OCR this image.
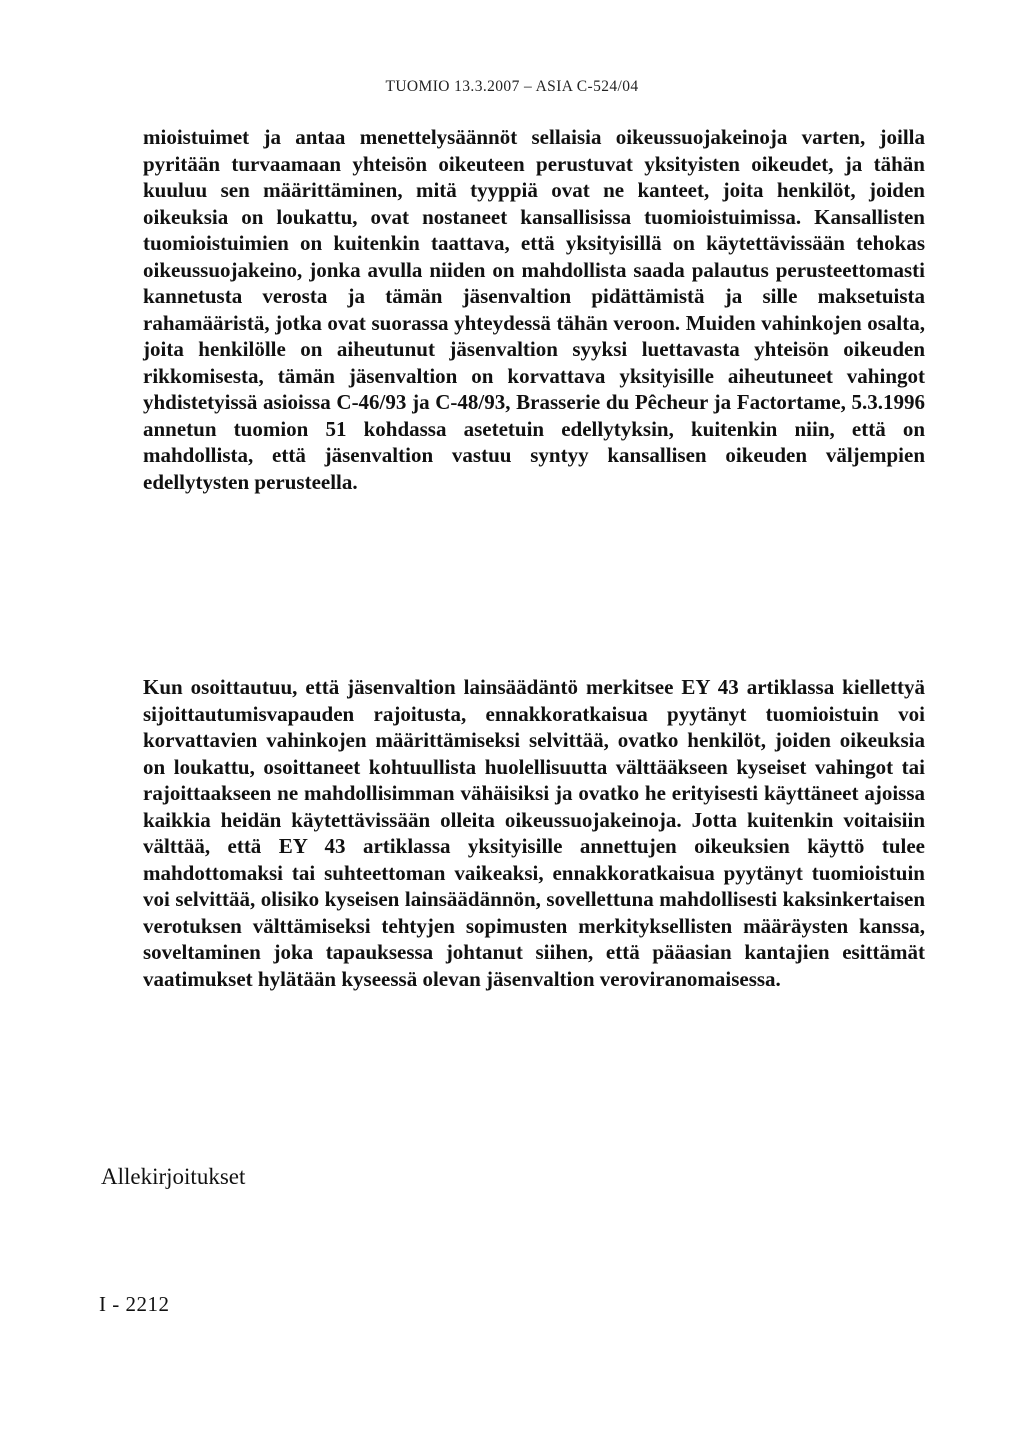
TUOMIO 13.3.2007 – ASIA C-524/04
mioistuimet ja antaa menettelysäännöt sellaisia oikeussuojakeinoja varten, joilla pyritään turvaamaan yhteisön oikeuteen perustuvat yksityisten oikeudet, ja tähän kuuluu sen määrittäminen, mitä tyyppiä ovat ne kanteet, joita henkilöt, joiden oikeuksia on loukattu, ovat nostaneet kansallisissa tuomioistuimissa. Kansallisten tuomioistuimien on kuitenkin taattava, että yksityisillä on käytettävissään tehokas oikeussuojakeino, jonka avulla niiden on mahdollista saada palautus perusteettomasti kannetusta verosta ja tämän jäsenvaltion pidättämistä ja sille maksetuista rahamääristä, jotka ovat suorassa yhteydessä tähän veroon. Muiden vahinkojen osalta, joita henkilölle on aiheutunut jäsenvaltion syyksi luettavasta yhteisön oikeuden rikkomisesta, tämän jäsenvaltion on korvattava yksityisille aiheutuneet vahingot yhdistetyissä asioissa C-46/93 ja C-48/93, Brasserie du Pêcheur ja Factortame, 5.3.1996 annetun tuomion 51 kohdassa asetetuin edellytyksin, kuitenkin niin, että on mahdollista, että jäsenvaltion vastuu syntyy kansallisen oikeuden väljempien edellytysten perusteella.
Kun osoittautuu, että jäsenvaltion lainsäädäntö merkitsee EY 43 artiklassa kiellettyä sijoittautumisvapauden rajoitusta, ennakkoratkaisua pyytänyt tuomioistuin voi korvattavien vahinkojen määrittämiseksi selvittää, ovatko henkilöt, joiden oikeuksia on loukattu, osoittaneet kohtuullista huolellisuutta välttääkseen kyseiset vahingot tai rajoittaakseen ne mahdollisimman vähäisiksi ja ovatko he erityisesti käyttäneet ajoissa kaikkia heidän käytettävissään olleita oikeussuojakeinoja. Jotta kuitenkin voitaisiin välttää, että EY 43 artiklassa yksityisille annettujen oikeuksien käyttö tulee mahdottomaksi tai suhteettoman vaikeaksi, ennakkoratkaisua pyytänyt tuomioistuin voi selvittää, olisiko kyseisen lainsäädännön, sovellettuna mahdollisesti kaksinkertaisen verotuksen välttämiseksi tehtyjen sopimusten merkityksellisten määräysten kanssa, soveltaminen joka tapauksessa johtanut siihen, että pääasian kantajien esittämät vaatimukset hylätään kyseessä olevan jäsenvaltion veroviranomaisessa.
Allekirjoitukset
I - 2212
